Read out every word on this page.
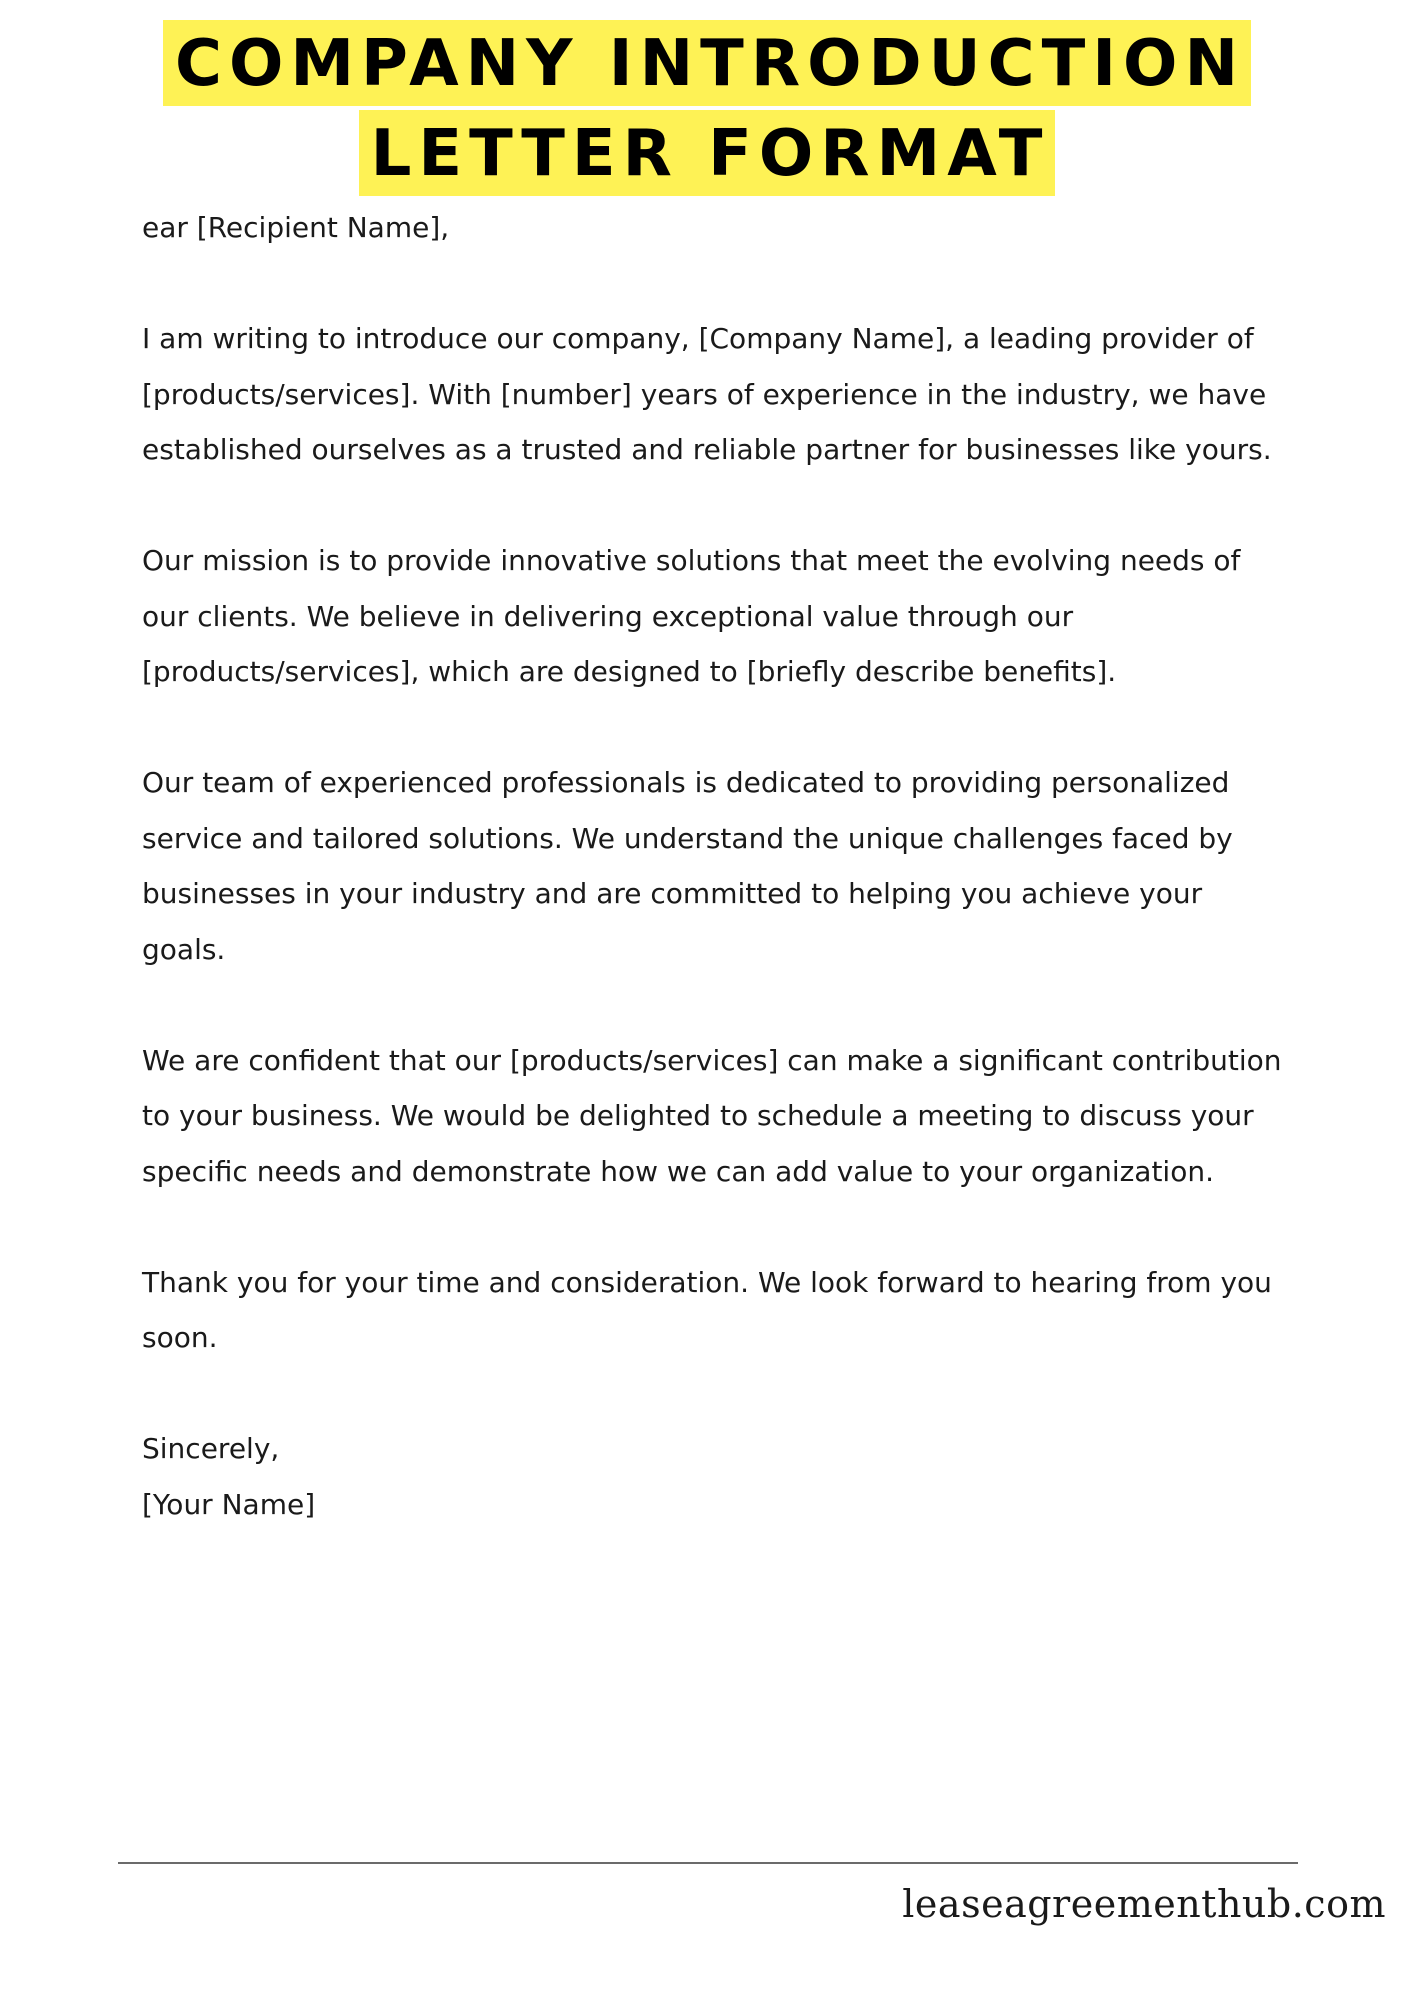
COMPANY INTRODUCTION
LETTER FORMAT

ear [Recipient Name],

I am writing to introduce our company, [Company Name], a leading provider of [products/services]. With [number] years of experience in the industry, we have established ourselves as a trusted and reliable partner for businesses like yours.

Our mission is to provide innovative solutions that meet the evolving needs of our clients. We believe in delivering exceptional value through our [products/services], which are designed to [briefly describe benefits].

Our team of experienced professionals is dedicated to providing personalized service and tailored solutions. We understand the unique challenges faced by businesses in your industry and are committed to helping you achieve your goals.

We are confident that our [products/services] can make a significant contribution to your business. We would be delighted to schedule a meeting to discuss your specific needs and demonstrate how we can add value to your organization.

Thank you for your time and consideration. We look forward to hearing from you soon.

Sincerely,

[Your Name]

leaseagreementhub.com
